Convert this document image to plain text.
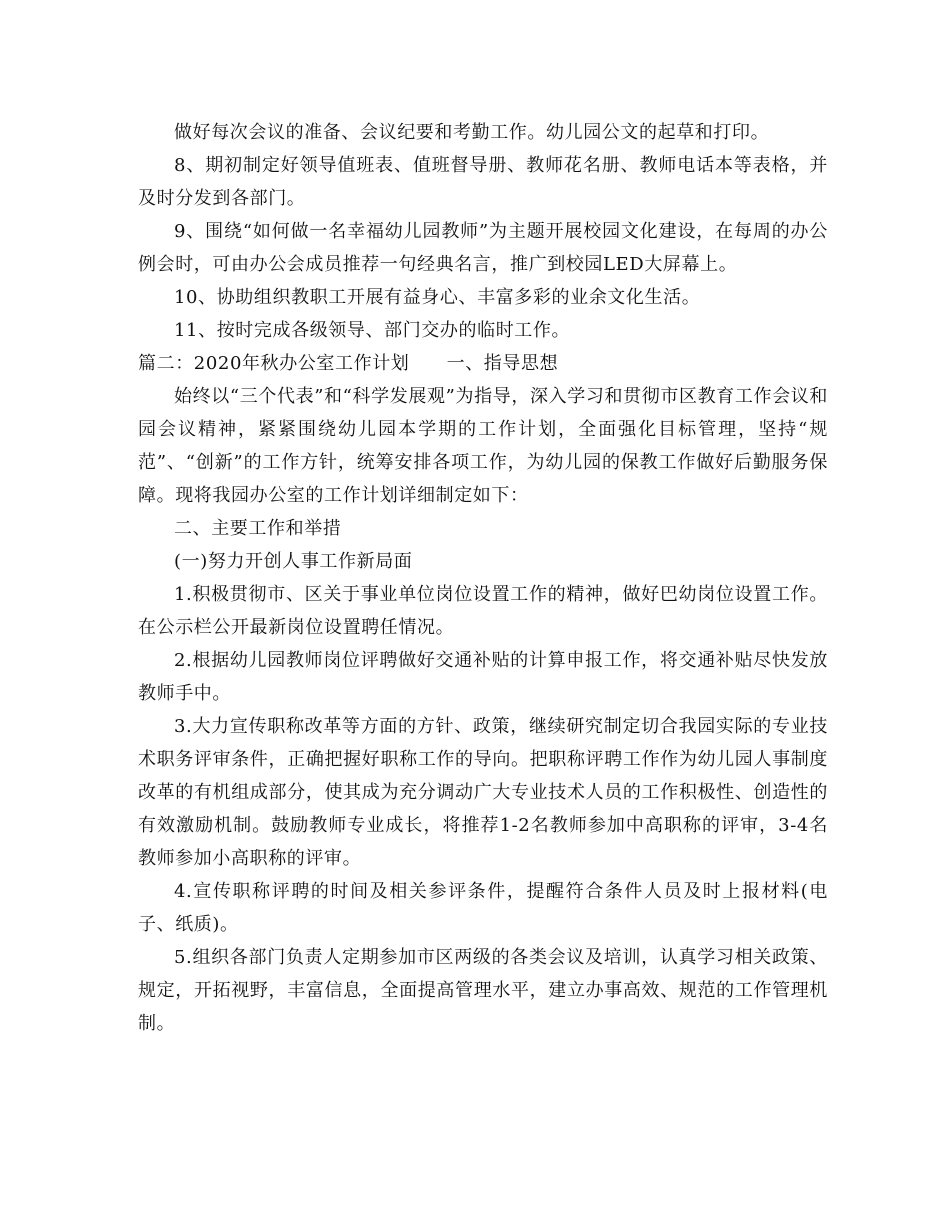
做好每次会议的准备、会议纪要和考勤工作。幼儿园公文的起草和打印。

8、期初制定好领导值班表、值班督导册、教师花名册、教师电话本等表格，并及时分发到各部门。

9、围绕“如何做一名幸福幼儿园教师”为主题开展校园文化建设，在每周的办公例会时，可由办公会成员推荐一句经典名言，推广到校园LED大屏幕上。

10、协助组织教职工开展有益身心、丰富多彩的业余文化生活。

11、按时完成各级领导、部门交办的临时工作。

篇二：2020年秋办公室工作计划　　一、指导思想

始终以“三个代表”和“科学发展观”为指导，深入学习和贯彻市区教育工作会议和园会议精神，紧紧围绕幼儿园本学期的工作计划，全面强化目标管理，坚持“规范”、“创新”的工作方针，统筹安排各项工作，为幼儿园的保教工作做好后勤服务保障。现将我园办公室的工作计划详细制定如下：

二、主要工作和举措

(一)努力开创人事工作新局面

1.积极贯彻市、区关于事业单位岗位设置工作的精神，做好巴幼岗位设置工作。在公示栏公开最新岗位设置聘任情况。

2.根据幼儿园教师岗位评聘做好交通补贴的计算申报工作，将交通补贴尽快发放教师手中。

3.大力宣传职称改革等方面的方针、政策，继续研究制定切合我园实际的专业技术职务评审条件，正确把握好职称工作的导向。把职称评聘工作作为幼儿园人事制度改革的有机组成部分，使其成为充分调动广大专业技术人员的工作积极性、创造性的有效激励机制。鼓励教师专业成长，将推荐1-2名教师参加中高职称的评审，3-4名教师参加小高职称的评审。

4.宣传职称评聘的时间及相关参评条件，提醒符合条件人员及时上报材料(电子、纸质)。

5.组织各部门负责人定期参加市区两级的各类会议及培训，认真学习相关政策、规定，开拓视野，丰富信息，全面提高管理水平，建立办事高效、规范的工作管理机制。
